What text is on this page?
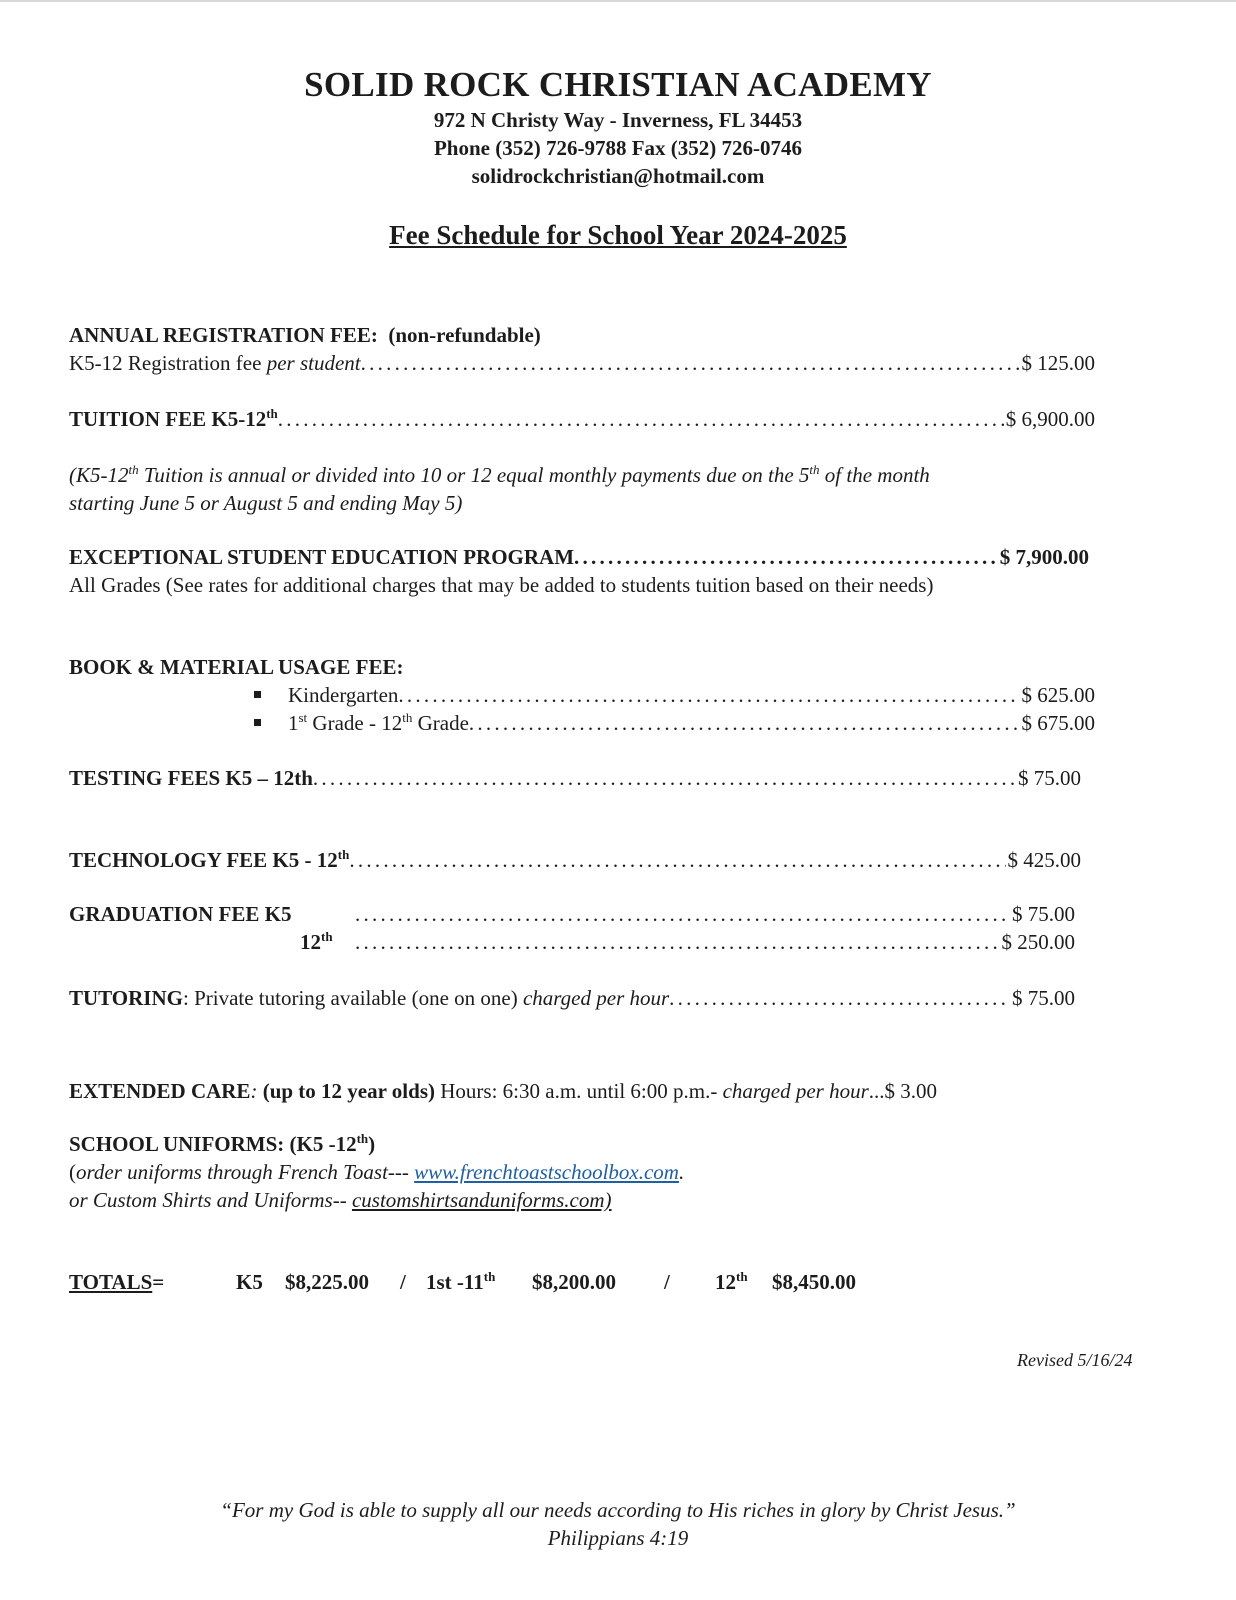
SOLID ROCK CHRISTIAN ACADEMY
972 N Christy Way - Inverness, FL 34453
Phone (352) 726-9788 Fax (352) 726-0746
solidrockchristian@hotmail.com
Fee Schedule for School Year 2024-2025
ANNUAL REGISTRATION FEE: (non-refundable)
K5-12 Registration fee per student . . .	$ 125.00
TUITION FEE K5-12th . . .	$ 6,900.00
(K5-12th Tuition is annual or divided into 10 or 12 equal monthly payments due on the 5th of the month
starting June 5 or August 5 and ending May 5)
EXCEPTIONAL STUDENT EDUCATION PROGRAM . . .	$ 7,900.00
All Grades (See rates for additional charges that may be added to students tuition based on their needs)
BOOK & MATERIAL USAGE FEE:
Kindergarten . . .	$ 625.00
1st Grade - 12th Grade . . .	$ 675.00
TESTING FEES K5 – 12th . . .	$ 75.00
TECHNOLOGY FEE K5 - 12th . . .	$ 425.00
GRADUATION FEE K5 . . .	$ 75.00
12th . . .	$ 250.00
TUTORING: Private tutoring available (one on one) charged per hour . . .	$ 75.00
EXTENDED CARE: (up to 12 year olds) Hours: 6:30 a.m. until 6:00 p.m.- charged per hour...$ 3.00
SCHOOL UNIFORMS: (K5 -12th)
(order uniforms through French Toast--- www.frenchtoastschoolbox.com.
or Custom Shirts and Uniforms-- customshirtsanduniforms.com)
TOTALS=	K5 $8,225.00 / 1st -11th $8,200.00 / 12th $8,450.00
Revised 5/16/24
“For my God is able to supply all our needs according to His riches in glory by Christ Jesus.”
Philippians 4:19
